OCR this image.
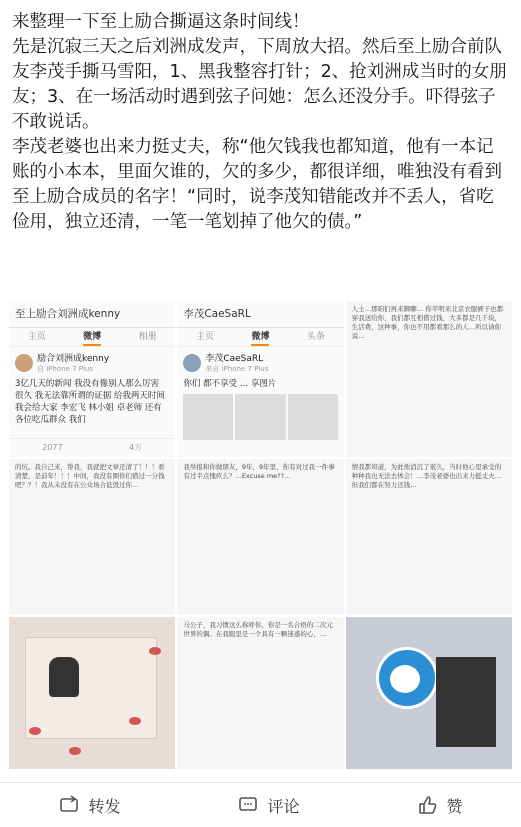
来整理一下至上励合撕逼这条时间线！

先是沉寂三天之后刘洲成发声，下周放大招。然后至上励合前队友李茂手撕马雪阳，1、黑我整容打针；2、抢刘洲成当时的女朋友；3、在一场活动时遇到弦子问她：怎么还没分手。吓得弦子不敢说话。

李茂老婆也出来力挺丈夫，称“他欠钱我也都知道，他有一本记账的小本本，里面欠谁的，欠的多少，都很详细，唯独没有看到至上励合成员的名字！“同时，说李茂知错能改并不丢人，省吃俭用，独立还清，一笔一笔划掉了他欠的债。”

至上励合刘洲成kenny
主页	微博	相册
励合刘洲成kenny
自 iPhone 7 Plus
3亿几天的新闻 我没有像别人那么厉害 很久 我无法靠所谓的证据 给我两天时间 我会给大家 李宏飞 林小姐 卓老师 还有各位吃瓜群众 我们
2077	4万
李茂CaeSaRL
主页	微博	头条
李茂CaeSaRL
来自 iPhone 7 Plus
你们 都不享受 … 享图片
人士…那咱们再来聊聊… 你平明来北京衣服裤子也都穿我送给你，我们都互相借过钱，大多都是几千块，生活费，这种事，你也不用都看那么的人…所以请你说…
的坑。我自己来，帮我，我就把文章还清了！！！看清楚，是前年！！！中间，我没有圈你们借过一分钱吧？？！我从未没有在公众场合诋毁过你…
我举报和你做朋友，9年，9年里，你有对过我一件事有过半点愧疚么？…Excuse me??…
情我都知道，为此他消沉了很久，当时他心里承受的种种我也无法去体会！…李茂老婆也出来力挺丈夫…但我们都在努力还钱…
马公子，我习惯这么称呼你，你是一名合格的二次元世界的偶。在我眼里是一个具有一颗迷惑的心，…
转发	评论	赞
